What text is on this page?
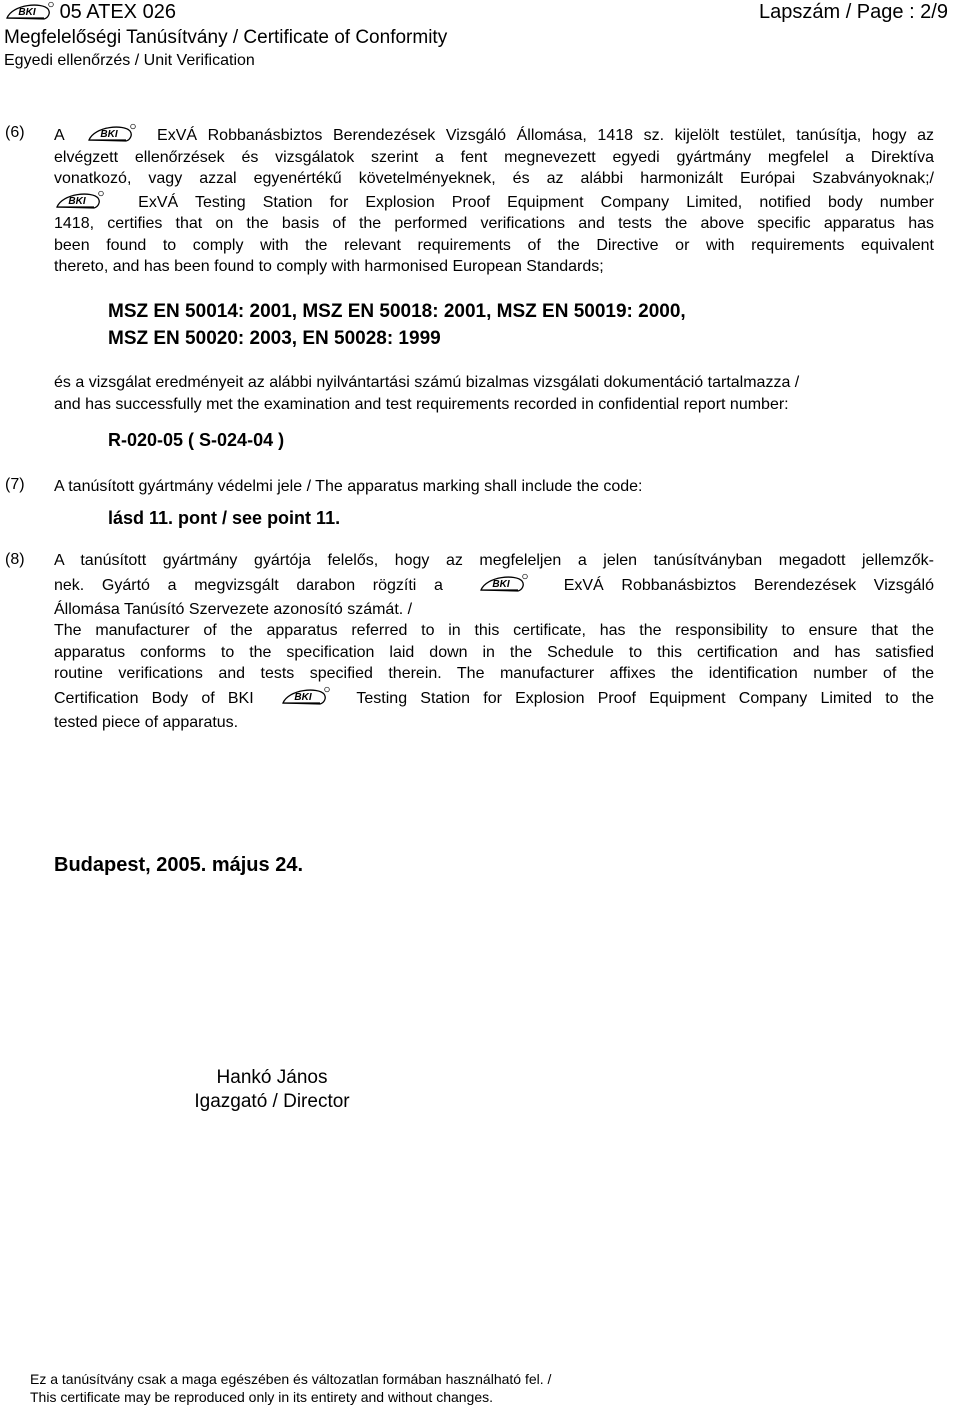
BKI 05 ATEX 026
Megfelelőségi Tanúsítvány / Certificate of Conformity
Egyedi ellenőrzés / Unit Verification
Lapszám / Page : 2/9
(6) A	BKI ExVÁ Robbanásbiztos Berendezések Vizsgáló Állomása, 1418 sz. kijelölt testület, tanúsítja, hogy az
elvégzett ellenőrzések és vizsgálatok szerint a fent megnevezett egyedi gyártmány megfelel a Direktíva
vonatkozó, vagy azzal egyenértékű követelményeknek, és az alábbi harmonizált Európai Szabványoknak;/
BKI	ExVÁ Testing Station for Explosion Proof Equipment Company Limited, notified body number
1418, certifies that on the basis of the performed verifications and tests the above specific apparatus has
been found to comply with the relevant requirements of the Directive or with requirements equivalent
thereto, and has been found to comply with harmonised European Standards;
MSZ EN 50014: 2001, MSZ EN 50018: 2001, MSZ EN 50019: 2000,
MSZ EN 50020: 2003, EN 50028: 1999
és a vizsgálat eredményeit az alábbi nyilvántartási számú bizalmas vizsgálati dokumentáció tartalmazza /
and has successfully met the examination and test requirements recorded in confidential report number:
R-020-05 ( S-024-04 )
(7) A tanúsított gyártmány védelmi jele / The apparatus marking shall include the code:
lásd 11. pont / see point 11.
(8) A tanúsított gyártmány gyártója felelős, hogy az megfeleljen a jelen tanúsítványban megadott jellemzők-
nek. Gyártó a megvizsgált darabon rögzíti a	BKI	ExVÁ Robbanásbiztos Berendezések Vizsgáló
Állomása Tanúsító Szervezete azonosító számát. /
The manufacturer of the apparatus referred to in this certificate, has the responsibility to ensure that the
apparatus conforms to the specification laid down in the Schedule to this certification and has satisfied
routine verifications and tests specified therein. The manufacturer affixes the identification number of the
Certification Body of BKI	BKI	Testing Station for Explosion Proof Equipment Company Limited to the
tested piece of apparatus.
Budapest, 2005. május 24.
Hankó János
Igazgató / Director
Ez a tanúsítvány csak a maga egészében és változatlan formában használható fel. /
This certificate may be reproduced only in its entirety and without changes.
